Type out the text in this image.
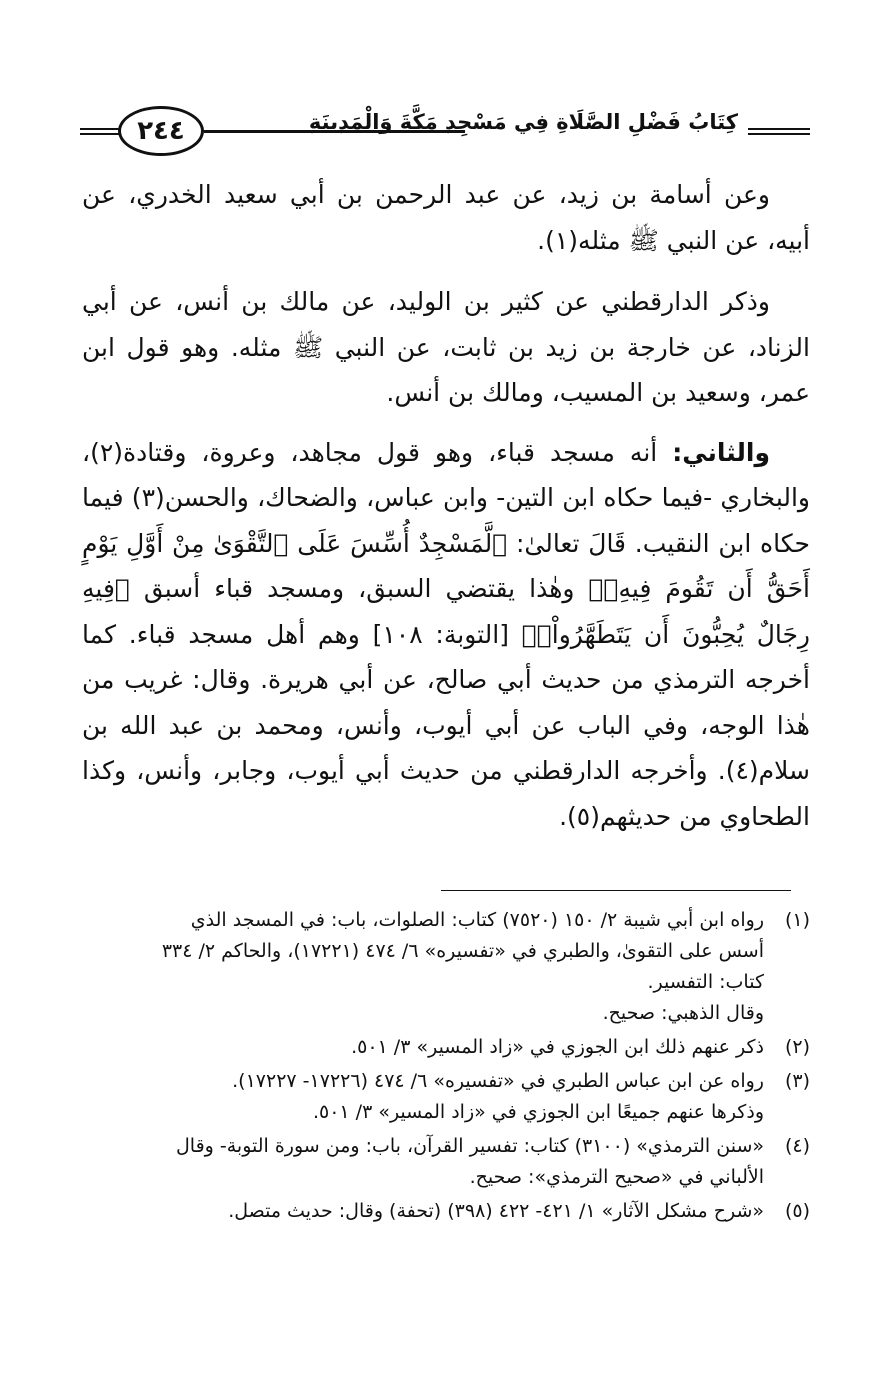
كِتَابُ فَضْلِ الصَّلَاةِ فِي مَسْجِدِ مَكَّةَ وَالْمَدِينَةِ
٢٤٤

وعن أسامة بن زيد، عن عبد الرحمن بن أبي سعيد الخدري، عن أبيه، عن النبي ﷺ مثله(١).

وذكر الدارقطني عن كثير بن الوليد، عن مالك بن أنس، عن أبي الزناد، عن خارجة بن زيد بن ثابت، عن النبي ﷺ مثله. وهو قول ابن عمر، وسعيد بن المسيب، ومالك بن أنس.

والثاني: أنه مسجد قباء، وهو قول مجاهد، وعروة، وقتادة(٢)، والبخاري -فيما حكاه ابن التين- وابن عباس، والضحاك، والحسن(٣) فيما حكاه ابن النقيب. قَالَ تعالىٰ: ﴿لَّمَسْجِدٌ أُسِّسَ عَلَى ٱلتَّقْوَىٰ مِنْ أَوَّلِ يَوْمٍ أَحَقُّ أَن تَقُومَ فِيهِۚ﴾ وهٰذا يقتضي السبق، ومسجد قباء أسبق ﴿فِيهِ رِجَالٌ يُحِبُّونَ أَن يَتَطَهَّرُواْۚ﴾ [التوبة: ١٠٨] وهم أهل مسجد قباء. كما أخرجه الترمذي من حديث أبي صالح، عن أبي هريرة. وقال: غريب من هٰذا الوجه، وفي الباب عن أبي أيوب، وأنس، ومحمد بن عبد الله بن سلام(٤). وأخرجه الدارقطني من حديث أبي أيوب، وجابر، وأنس، وكذا الطحاوي من حديثهم(٥).

(١)
رواه ابن أبي شيبة ٢/ ١٥٠ (٧٥٢٠) كتاب: الصلوات، باب: في المسجد الذي
أسس على التقوىٰ، والطبري في «تفسيره» ٦/ ٤٧٤ (١٧٢٢١)، والحاكم ٢/ ٣٣٤
كتاب: التفسير.
وقال الذهبي: صحيح.
(٢)
ذكر عنهم ذلك ابن الجوزي في «زاد المسير» ٣/ ٥٠١.
(٣)
رواه عن ابن عباس الطبري في «تفسيره» ٦/ ٤٧٤ (١٧٢٢٦- ١٧٢٢٧).
وذكرها عنهم جميعًا ابن الجوزي في «زاد المسير» ٣/ ٥٠١.
(٤)
«سنن الترمذي» (٣١٠٠) كتاب: تفسير القرآن، باب: ومن سورة التوبة- وقال
الألباني في «صحيح الترمذي»: صحيح.
(٥)
«شرح مشكل الآثار» ١/ ٤٢١- ٤٢٢ (٣٩٨) (تحفة) وقال: حديث متصل.
